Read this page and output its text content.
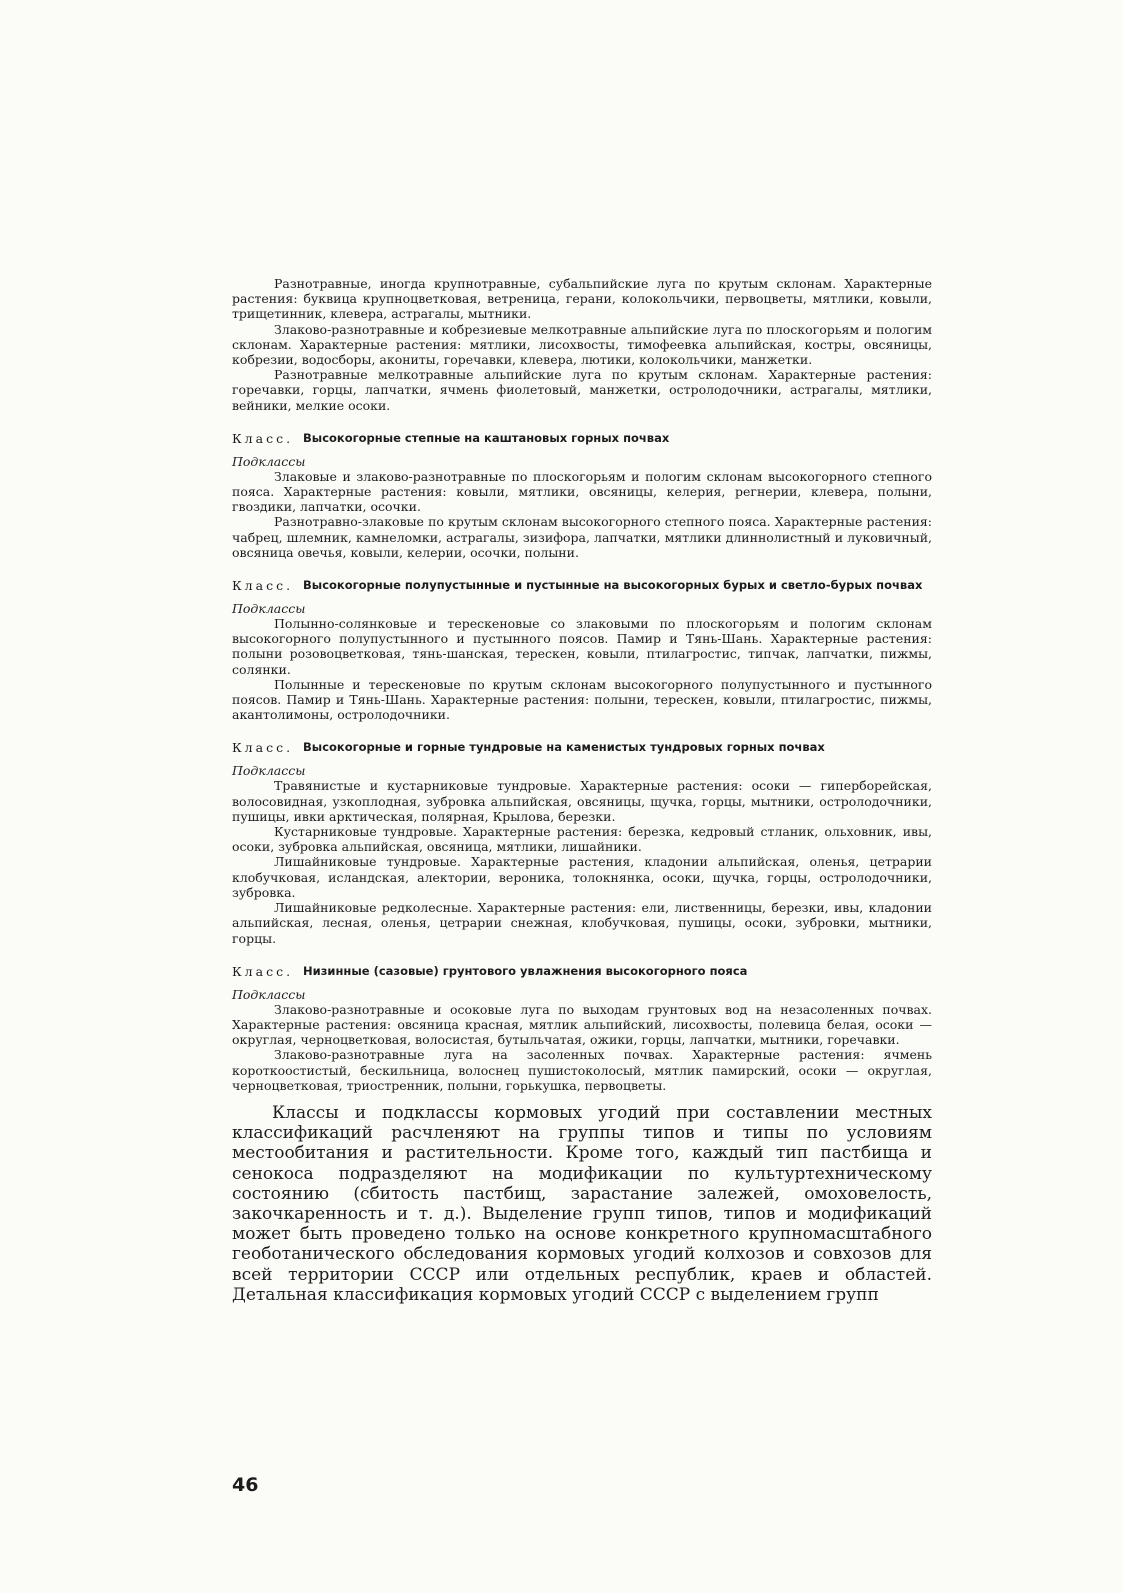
Разнотравные, иногда крупнотравные, субальпийские луга по крутым склонам. Характерные растения: буквица крупноцветковая, ветреница, герани, колокольчики, первоцветы, мятлики, ковыли, трищетинник, клевера, астрагалы, мытники.

Злаково-разнотравные и кобрезиевые мелкотравные альпийские луга по плоскогорьям и пологим склонам. Характерные растения: мятлики, лисохвосты, тимофеевка альпийская, костры, овсяницы, кобрезии, водосборы, акониты, горечавки, клевера, лютики, колокольчики, манжетки.

Разнотравные мелкотравные альпийские луга по крутым склонам. Характерные растения: горечавки, горцы, лапчатки, ячмень фиолетовый, манжетки, остролодочники, астрагалы, мятлики, вейники, мелкие осоки.

Класс. Высокогорные степные на каштановых горных почвах

Подклассы

Злаковые и злаково-разнотравные по плоскогорьям и пологим склонам высокогорного степного пояса. Характерные растения: ковыли, мятлики, овсяницы, келерия, регнерии, клевера, полыни, гвоздики, лапчатки, осочки.

Разнотравно-злаковые по крутым склонам высокогорного степного пояса. Характерные растения: чабрец, шлемник, камнеломки, астрагалы, зизифора, лапчатки, мятлики длиннолистный и луковичный, овсяница овечья, ковыли, келерии, осочки, полыни.

Класс. Высокогорные полупустынные и пустынные на высокогорных бурых и светло-бурых почвах

Подклассы

Полынно-солянковые и терескеновые со злаковыми по плоскогорьям и пологим склонам высокогорного полупустынного и пустынного поясов. Памир и Тянь-Шань. Характерные растения: полыни розовоцветковая, тянь-шанская, терескен, ковыли, птилагростис, типчак, лапчатки, пижмы, солянки.

Полынные и терескеновые по крутым склонам высокогорного полупустынного и пустынного поясов. Памир и Тянь-Шань. Характерные растения: полыни, терескен, ковыли, птилагростис, пижмы, акантолимоны, остролодочники.

Класс. Высокогорные и горные тундровые на каменистых тундровых горных почвах

Подклассы

Травянистые и кустарниковые тундровые. Характерные растения: осоки — гиперборейская, волосовидная, узкоплодная, зубровка альпийская, овсяницы, щучка, горцы, мытники, остролодочники, пушицы, ивки арктическая, полярная, Крылова, березки.

Кустарниковые тундровые. Характерные растения: березка, кедровый стланик, ольховник, ивы, осоки, зубровка альпийская, овсяница, мятлики, лишайники.

Лишайниковые тундровые. Характерные растения, кладонии альпийская, оленья, цетрарии клобучковая, исландская, алектории, вероника, толокнянка, осоки, щучка, горцы, остролодочники, зубровка.

Лишайниковые редколесные. Характерные растения: ели, лиственницы, березки, ивы, кладонии альпийская, лесная, оленья, цетрарии снежная, клобучковая, пушицы, осоки, зубровки, мытники, горцы.

Класс. Низинные (сазовые) грунтового увлажнения высокогорного пояса

Подклассы

Злаково-разнотравные и осоковые луга по выходам грунтовых вод на незасоленных почвах. Характерные растения: овсяница красная, мятлик альпийский, лисохвосты, полевица белая, осоки — округлая, черноцветковая, волосистая, бутыльчатая, ожики, горцы, лапчатки, мытники, горечавки.

Злаково-разнотравные луга на засоленных почвах. Характерные растения: ячмень короткоостистый, бескильница, волоснец пушистоколосый, мятлик памирский, осоки — округлая, черноцветковая, триостренник, полыни, горькушка, первоцветы.

Классы и подклассы кормовых угодий при составлении местных классификаций расчленяют на группы типов и типы по условиям местообитания и растительности. Кроме того, каждый тип пастбища и сенокоса подразделяют на модификации по культуртехническому состоянию (сбитость пастбищ, зарастание залежей, омоховелость, закочкаренность и т. д.). Выделение групп типов, типов и модификаций может быть проведено только на основе конкретного крупномасштабного геоботанического обследования кормовых угодий колхозов и совхозов для всей территории СССР или отдельных республик, краев и областей. Детальная классификация кормовых угодий СССР с выделением групп

46
